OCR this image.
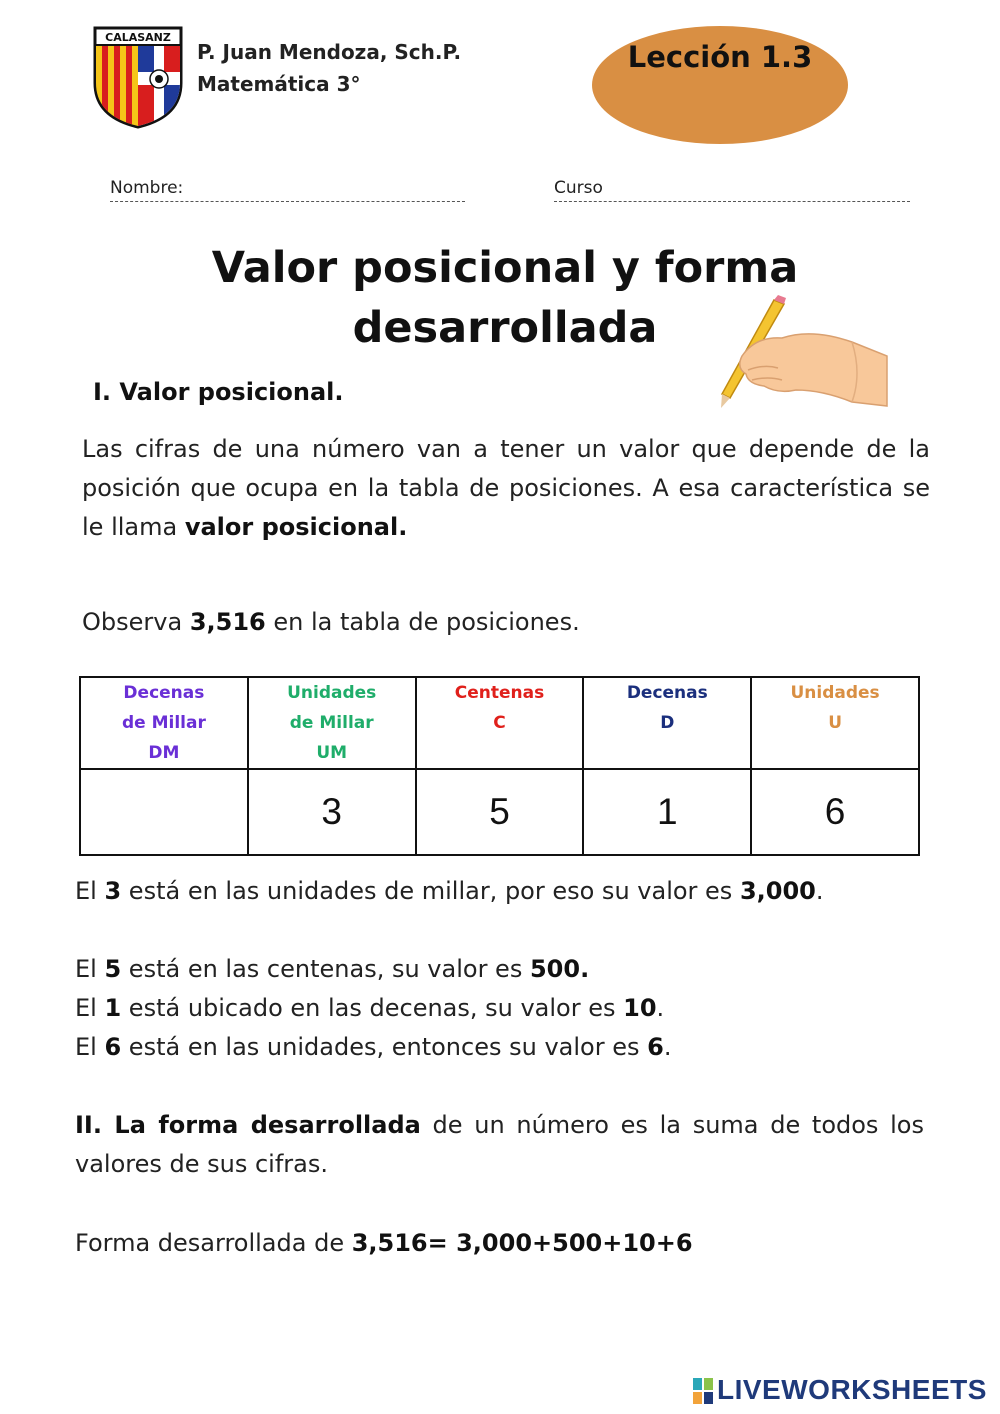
CALASANZ
P. Juan Mendoza, Sch.P.
Matemática 3°
Lección 1.3
Nombre:	Curso
Valor posicional y forma
desarrollada
I. Valor posicional.
Las cifras de una número van a tener un valor que depende de la posición que ocupa en la tabla de posiciones. A esa característica se le llama valor posicional.
Observa 3,516 en la tabla de posiciones.
Decenas
de Millar
DM	Unidades
de Millar
UM	Centenas
C	Decenas
D	Unidades
U

	3	5	1	6
El 3 está en las unidades de millar, por eso su valor es 3,000.
El 5 está en las centenas, su valor es 500.
El 1 está ubicado en las decenas, su valor es 10.
El 6 está en las unidades, entonces su valor es 6.
II. La forma desarrollada de un número es la suma de todos los valores de sus cifras.
Forma desarrollada de 3,516= 3,000+500+10+6
LIVEWORKSHEETS
